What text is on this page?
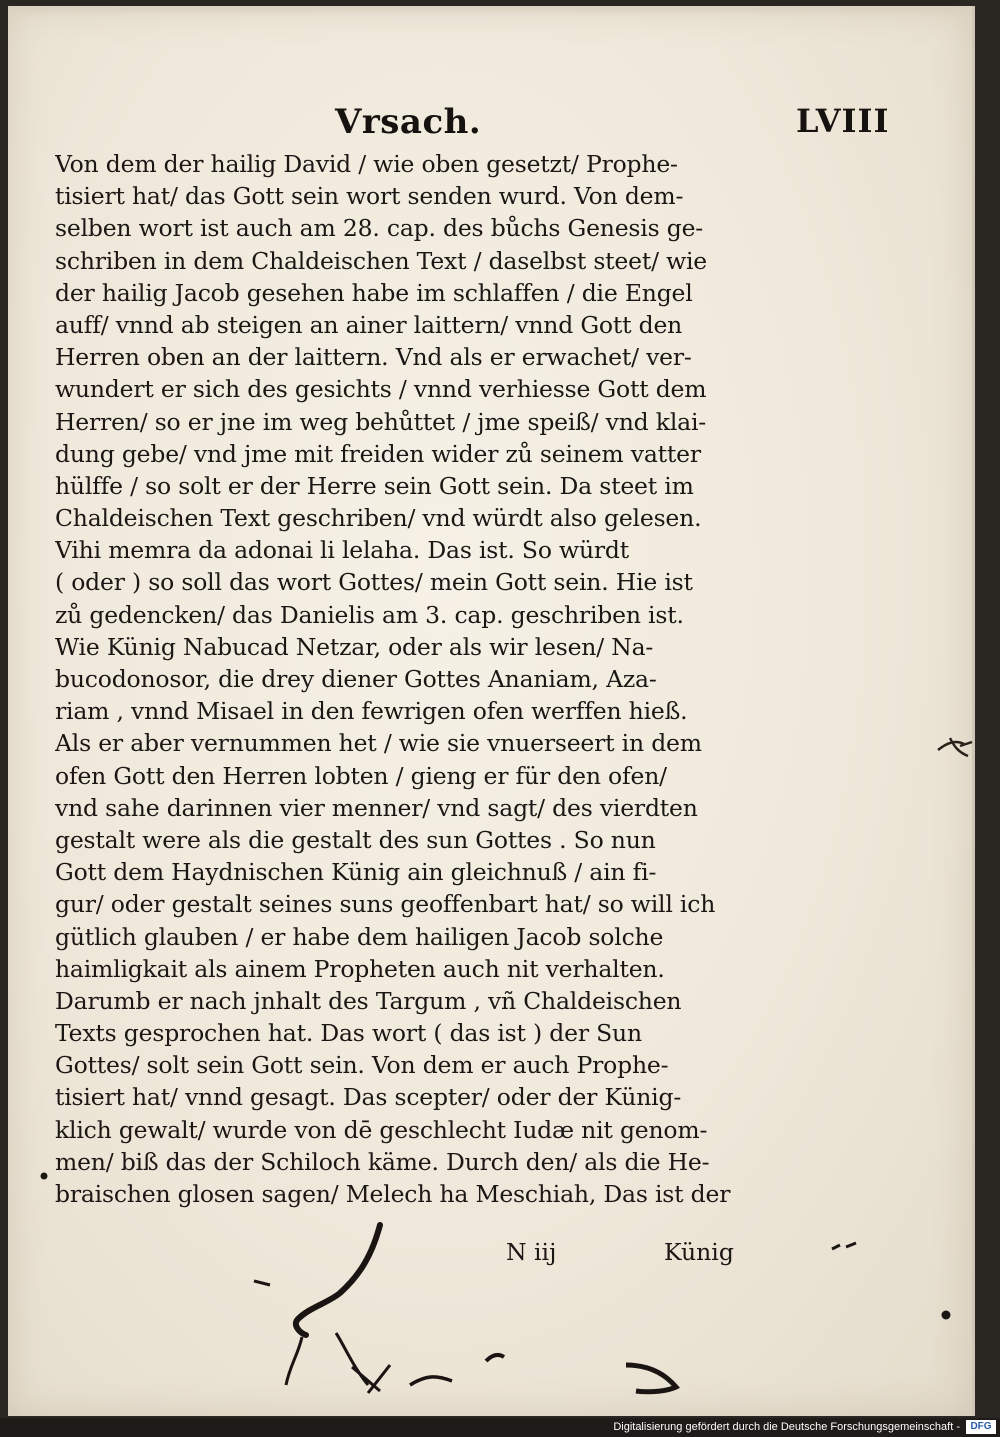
Vrsach.	LVIII
Von dem der hailig David / wie oben gesetzt/ Prophe-
tisiert hat/ das Gott sein wort senden wurd. Von dem-
selben wort ist auch am 28. cap. des bůchs Genesis ge-
schriben in dem Chaldeischen Text / daselbst steet/ wie
der hailig Jacob gesehen habe im schlaffen / die Engel
auff/ vnnd ab steigen an ainer laittern/ vnnd Gott den
Herren oben an der laittern. Vnd als er erwachet/ ver-
wundert er sich des gesichts / vnnd verhiesse Gott dem
Herren/ so er jne im weg behůttet / jme speiß/ vnd klai-
dung gebe/ vnd jme mit freiden wider zů seinem vatter
hülffe / so solt er der Herre sein Gott sein. Da steet im
Chaldeischen Text geschriben/ vnd würdt also gelesen.
Vihi memra da adonai li lelaha. Das ist. So würdt
( oder ) so soll das wort Gottes/ mein Gott sein. Hie ist
zů gedencken/ das Danielis am 3. cap. geschriben ist.
Wie Künig Nabucad Netzar, oder als wir lesen/ Na-
bucodonosor, die drey diener Gottes Ananiam, Aza-
riam , vnnd Misael in den fewrigen ofen werffen hieß.
Als er aber vernummen het / wie sie vnuerseert in dem
ofen Gott den Herren lobten / gieng er für den ofen/
vnd sahe darinnen vier menner/ vnd sagt/ des vierdten
gestalt were als die gestalt des sun Gottes . So nun
Gott dem Haydnischen Künig ain gleichnuß / ain fi-
gur/ oder gestalt seines suns geoffenbart hat/ so will ich
gütlich glauben / er habe dem hailigen Jacob solche
haimligkait als ainem Propheten auch nit verhalten.
Darumb er nach jnhalt des Targum , vñ Chaldeischen
Texts gesprochen hat. Das wort ( das ist ) der Sun
Gottes/ solt sein Gott sein. Von dem er auch Prophe-
tisiert hat/ vnnd gesagt. Das scepter/ oder der Künig-
klich gewalt/ wurde von dē geschlecht Iudæ nit genom-
men/ biß das der Schiloch käme. Durch den/ als die He-
braischen glosen sagen/ Melech ha Meschiah, Das ist der
N iij	Künig
Digitalisierung gefördert durch die Deutsche Forschungsgemeinschaft -	DFG
